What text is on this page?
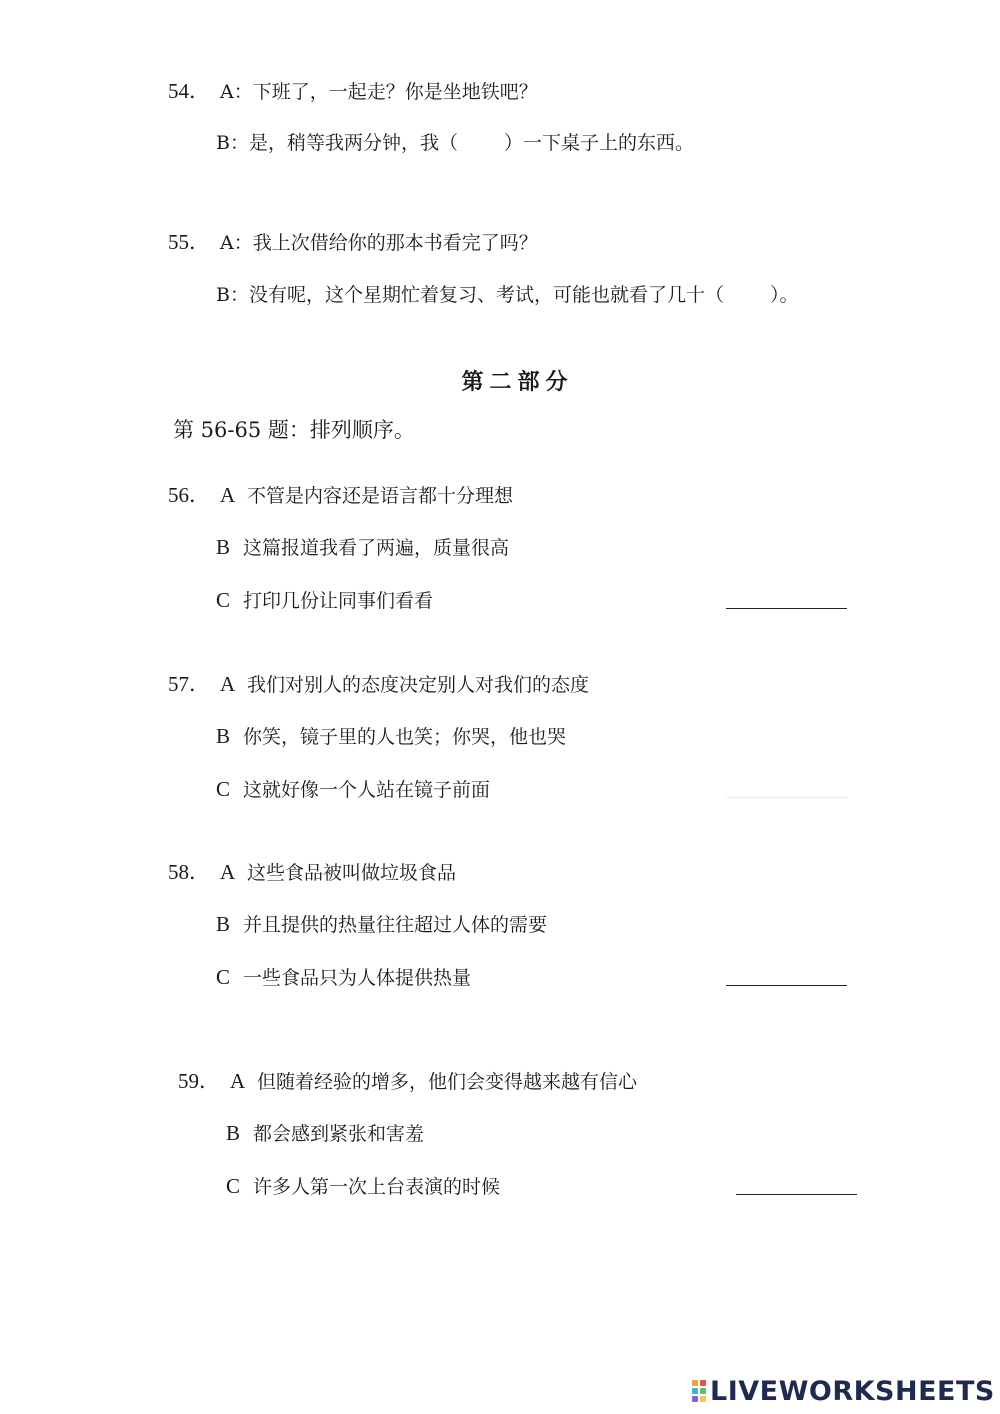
54． A：下班了，一起走？你是坐地铁吧？
B：是，稍等我两分钟，我（ ）一下桌子上的东西。
55． A：我上次借给你的那本书看完了吗？
B：没有呢，这个星期忙着复习、考试，可能也就看了几十（ ）。
第二部分
第 56-65 题：排列顺序。
56． A 不管是内容还是语言都十分理想
B 这篇报道我看了两遍，质量很高
C 打印几份让同事们看看
57． A 我们对别人的态度决定别人对我们的态度
B 你笑，镜子里的人也笑；你哭，他也哭
C 这就好像一个人站在镜子前面
58． A 这些食品被叫做垃圾食品
B 并且提供的热量往往超过人体的需要
C 一些食品只为人体提供热量
59． A 但随着经验的增多，他们会变得越来越有信心
B 都会感到紧张和害羞
C 许多人第一次上台表演的时候
LIVEWORKSHEETS
